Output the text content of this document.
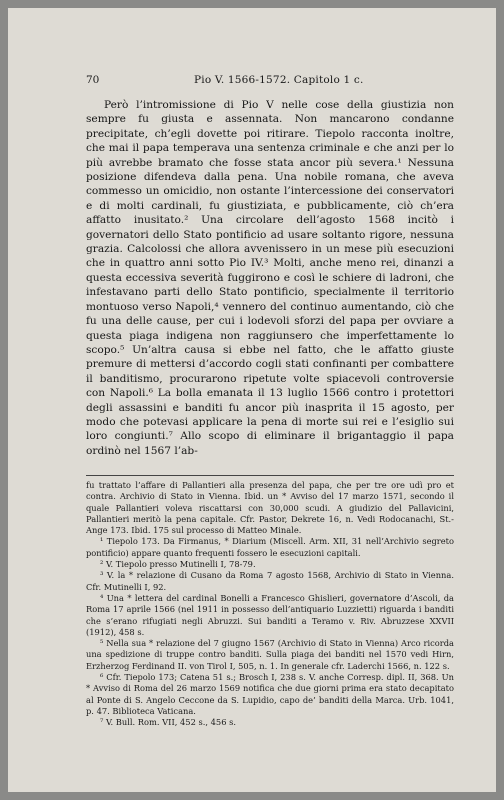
70	Pio V. 1566-1572. Capitolo 1 c.

Però l’intromissione di Pio V nelle cose della giustizia non sempre fu giusta e assennata. Non mancarono condanne precipitate, ch’egli dovette poi ritirare. Tiepolo racconta inoltre, che mai il papa temperava una sentenza criminale e che anzi per lo più avrebbe bramato che fosse stata ancor più severa.¹ Nessuna posizione difendeva dalla pena. Una nobile romana, che aveva commesso un omicidio, non ostante l’intercessione dei conservatori e di molti cardinali, fu giustiziata, e pubblicamente, ciò ch’era affatto inusitato.² Una circolare dell’agosto 1568 incitò i governatori dello Stato pontificio ad usare soltanto rigore, nessuna grazia. Calcolossi che allora avvenissero in un mese più esecuzioni che in quattro anni sotto Pio IV.³ Molti, anche meno rei, dinanzi a questa eccessiva severità fuggirono e così le schiere di ladroni, che infestavano parti dello Stato pontificio, specialmente il territorio montuoso verso Napoli,⁴ vennero del continuo aumentando, ciò che fu una delle cause, per cui i lodevoli sforzi del papa per ovviare a questa piaga indigena non raggiunsero che imperfettamente lo scopo.⁵ Un’altra causa si ebbe nel fatto, che le affatto giuste premure di mettersi d’accordo cogli stati confinanti per combattere il banditismo, procurarono ripetute volte spiacevoli controversie con Napoli.⁶ La bolla emanata il 13 luglio 1566 contro i protettori degli assassini e banditi fu ancor più inasprita il 15 agosto, per modo che potevasi applicare la pena di morte sui rei e l’esiglio sui loro congiunti.⁷ Allo scopo di eliminare il brigantaggio il papa ordinò nel 1567 l’ab-

fu trattato l’affare di Pallantieri alla presenza del papa, che per tre ore udì pro et contra. Archivio di Stato in Vienna. Ibid. un * Avviso del 17 marzo 1571, secondo il quale Pallantieri voleva riscattarsi con 30,000 scudi. A giudizio del Pallavicini, Pallantieri meritò la pena capitale. Cfr. Pastor, Dekrete 16, n. Vedi Rodocanachi, St.-Ange 173. Ibid. 175 sul processo di Matteo Minale.
¹ Tiepolo 173. Da Firmanus, * Diarium (Miscell. Arm. XII, 31 nell’Archivio segreto pontificio) appare quanto frequenti fossero le esecuzioni capitali.
² V. Tiepolo presso Mutinelli I, 78-79.
³ V. la * relazione di Cusano da Roma 7 agosto 1568, Archivio di Stato in Vienna. Cfr. Mutinelli I, 92.
⁴ Una * lettera del cardinal Bonelli a Francesco Ghislieri, governatore d’Ascoli, da Roma 17 aprile 1566 (nel 1911 in possesso dell’antiquario Luzzietti) riguarda i banditi che s’erano rifugiati negli Abruzzi. Sui banditi a Teramo v. Riv. Abruzzese XXVII (1912), 458 s.
⁵ Nella sua * relazione del 7 giugno 1567 (Archivio di Stato in Vienna) Arco ricorda una spedizione di truppe contro banditi. Sulla piaga dei banditi nel 1570 vedi Hirn, Erzherzog Ferdinand II. von Tirol I, 505, n. 1. In generale cfr. Laderchi 1566, n. 122 s.
⁶ Cfr. Tiepolo 173; Catena 51 s.; Brosch I, 238 s. V. anche Corresp. dipl. II, 368. Un * Avviso di Roma del 26 marzo 1569 notifica che due giorni prima era stato decapitato al Ponte di S. Angelo Ceccone da S. Lupidio, capo de’ banditi della Marca. Urb. 1041, p. 47. Biblioteca Vaticana.
⁷ V. Bull. Rom. VII, 452 s., 456 s.
